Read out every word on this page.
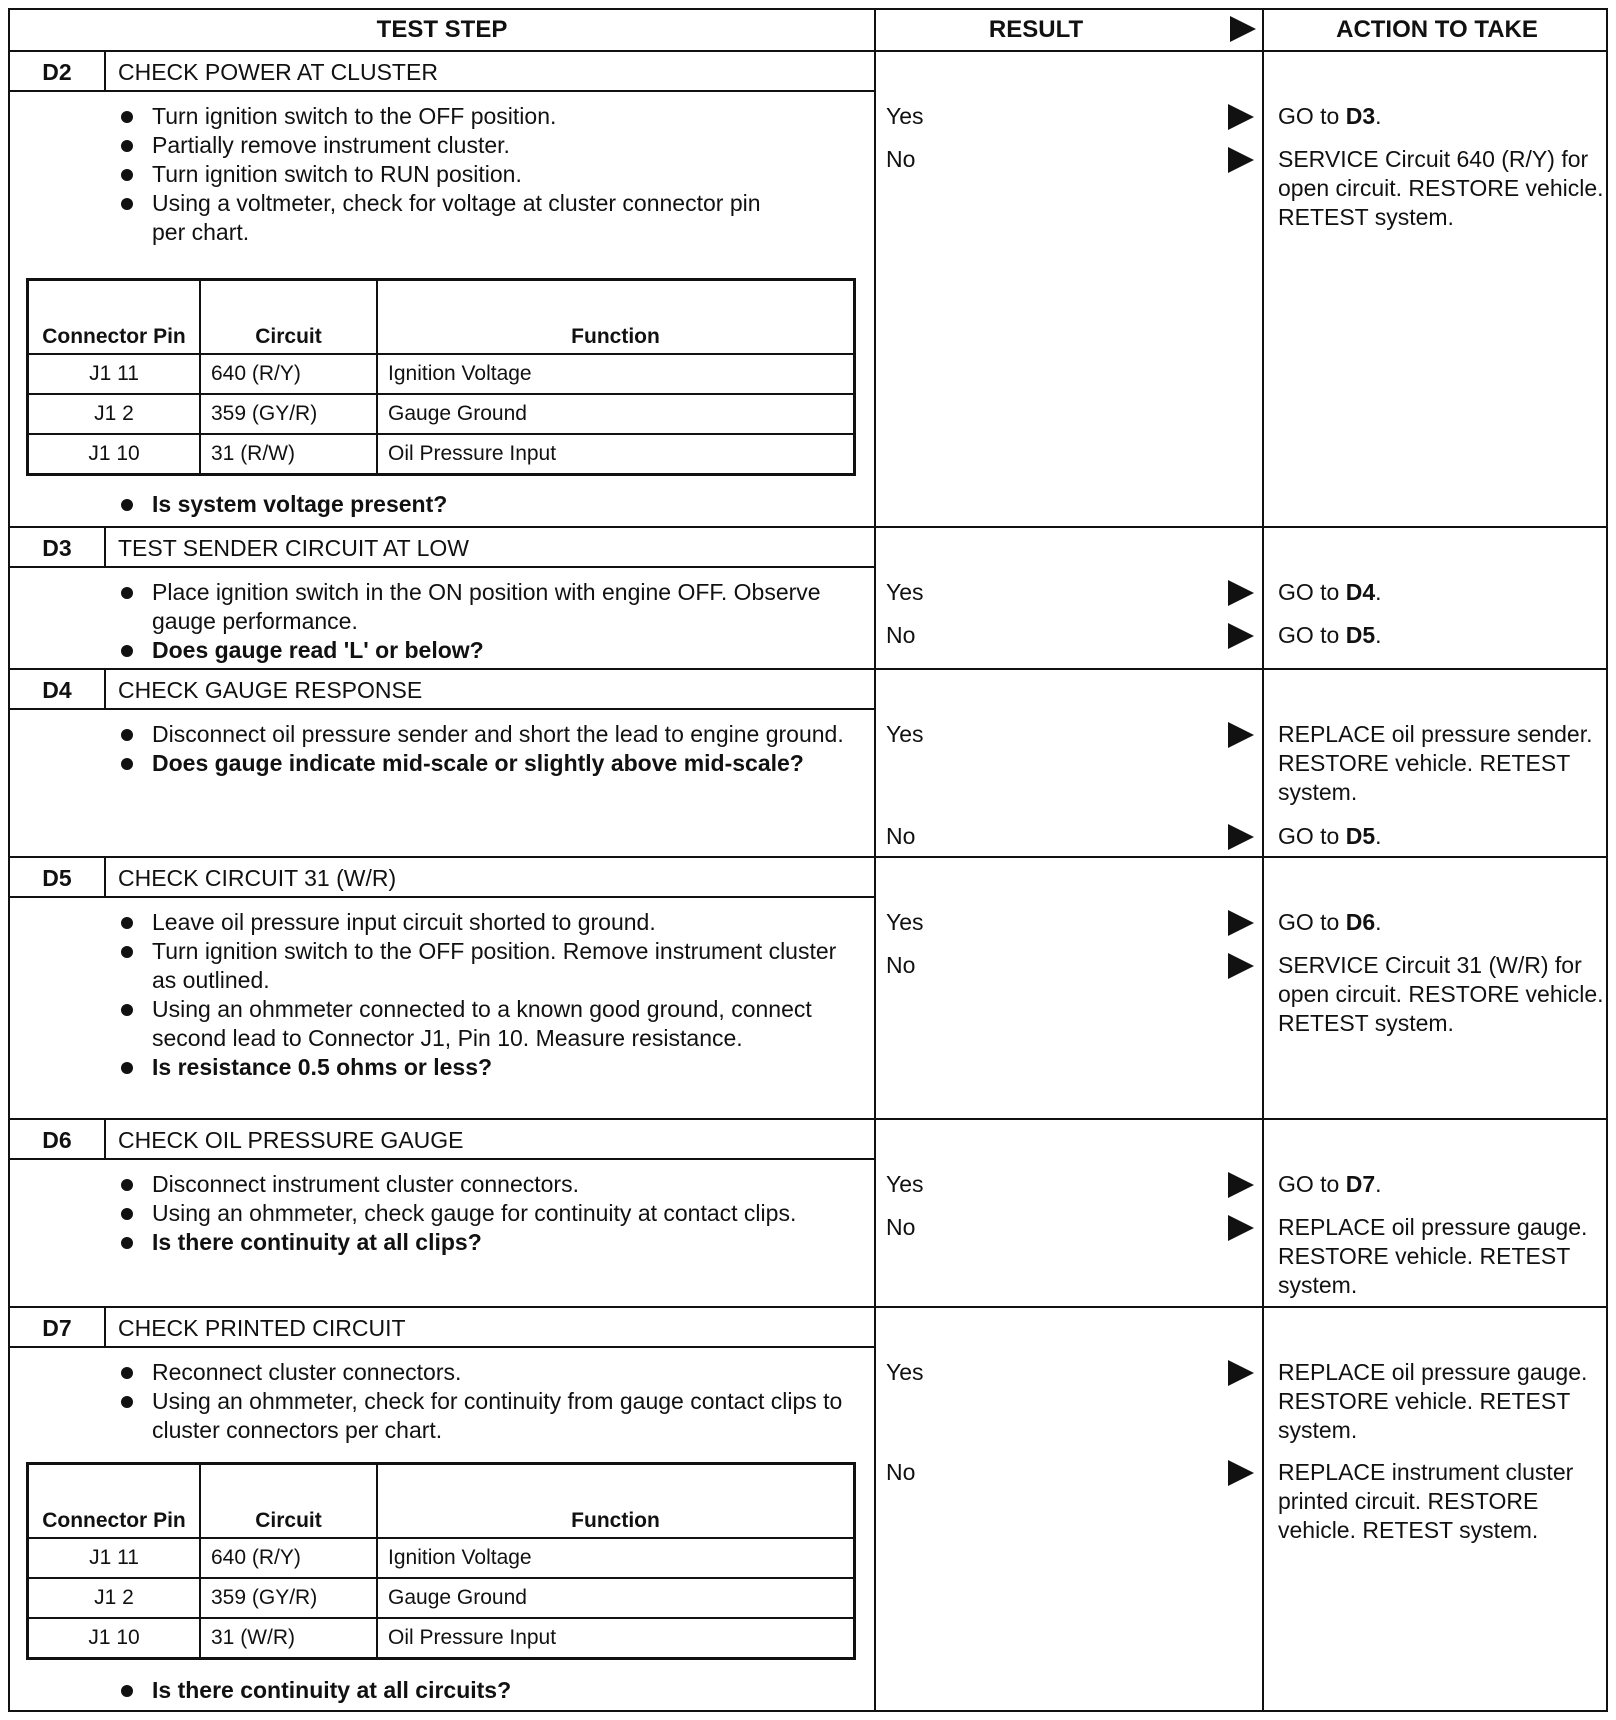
TEST STEP	RESULT	ACTION TO TAKE
D2	CHECK POWER AT CLUSTER
Turn ignition switch to the OFF position.
Partially remove instrument cluster.
Turn ignition switch to RUN position.
Using a voltmeter, check for voltage at cluster connector pin per chart.
Connector Pin	Circuit	Function
J1 11	640 (R/Y)	Ignition Voltage
J1 2	359 (GY/R)	Gauge Ground
J1 10	31 (R/W)	Oil Pressure Input
Is system voltage present?
Yes	GO to D3.
No	SERVICE Circuit 640 (R/Y) for open circuit. RESTORE vehicle. RETEST system.
D3	TEST SENDER CIRCUIT AT LOW
Place ignition switch in the ON position with engine OFF. Observe gauge performance.
Does gauge read 'L' or below?
Yes	GO to D4.
No	GO to D5.
D4	CHECK GAUGE RESPONSE
Disconnect oil pressure sender and short the lead to engine ground.
Does gauge indicate mid-scale or slightly above mid-scale?
Yes	REPLACE oil pressure sender. RESTORE vehicle. RETEST system.
No	GO to D5.
D5	CHECK CIRCUIT 31 (W/R)
Leave oil pressure input circuit shorted to ground.
Turn ignition switch to the OFF position. Remove instrument cluster as outlined.
Using an ohmmeter connected to a known good ground, connect second lead to Connector J1, Pin 10. Measure resistance.
Is resistance 0.5 ohms or less?
Yes	GO to D6.
No	SERVICE Circuit 31 (W/R) for open circuit. RESTORE vehicle. RETEST system.
D6	CHECK OIL PRESSURE GAUGE
Disconnect instrument cluster connectors.
Using an ohmmeter, check gauge for continuity at contact clips.
Is there continuity at all clips?
Yes	GO to D7.
No	REPLACE oil pressure gauge. RESTORE vehicle. RETEST system.
D7	CHECK PRINTED CIRCUIT
Reconnect cluster connectors.
Using an ohmmeter, check for continuity from gauge contact clips to cluster connectors per chart.
Connector Pin	Circuit	Function
J1 11	640 (R/Y)	Ignition Voltage
J1 2	359 (GY/R)	Gauge Ground
J1 10	31 (W/R)	Oil Pressure Input
Is there continuity at all circuits?
Yes	REPLACE oil pressure gauge. RESTORE vehicle. RETEST system.
No	REPLACE instrument cluster printed circuit. RESTORE vehicle. RETEST system.
